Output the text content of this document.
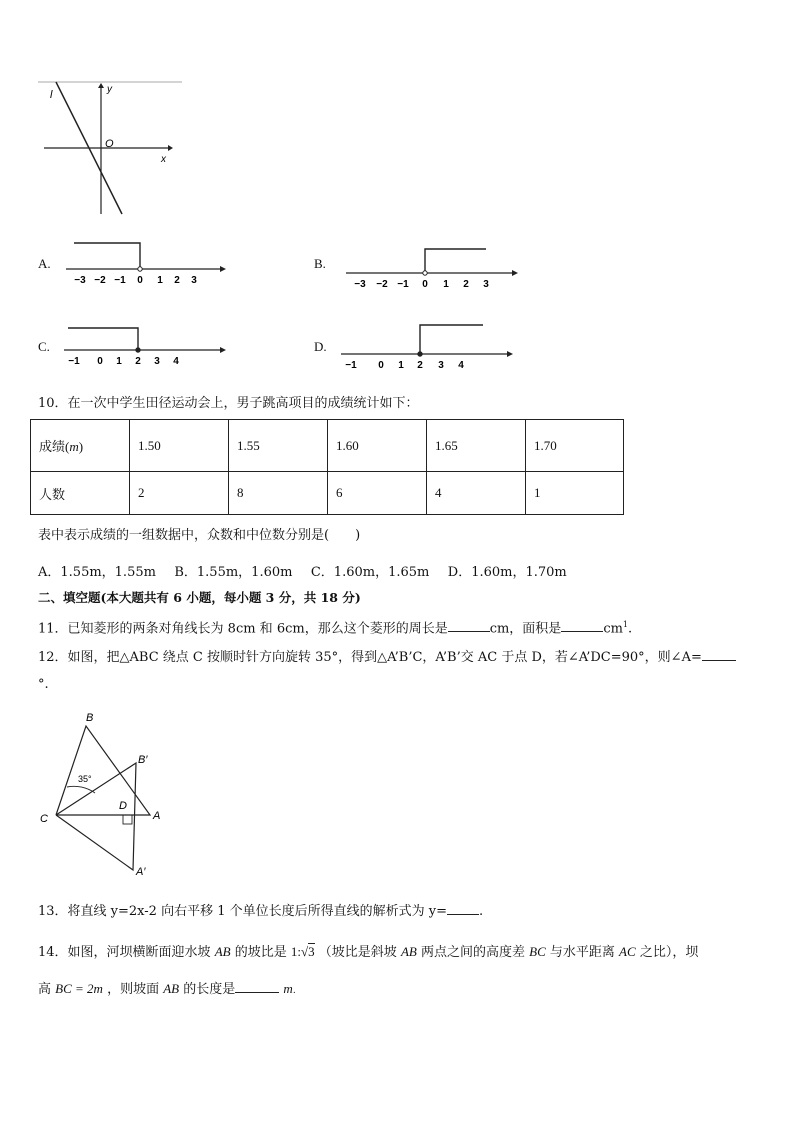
l	y
x
O
A.
−3 −2 −1 0 1 2 3
B.
−3 −2 −1 0 1 2 3
C.
−1 0 1 2 3 4
D.
−1 0 1 2 3 4
10．在一次中学生田径运动会上，男子跳高项目的成绩统计如下：
成绩(m)	1.50	1.55	1.60	1.65	1.70
人数	2	8	6	4	1
表中表示成绩的一组数据中，众数和中位数分别是(　　)
A．1.55m，1.55m B．1.55m，1.60m C．1.60m，1.65m D．1.60m，1.70m
二、填空题(本大题共有 6 小题，每小题 3 分，共 18 分)
11．已知菱形的两条对角线长为 8cm 和 6cm，那么这个菱形的周长是	cm，面积是	$cm^1$.
12．如图，把△ABC 绕点 C 按顺时针方向旋转 35°，得到△A’B’C，A’B’交 AC 于点 D，若∠A’DC=90°，则∠A=
°.
B
B′
C
D
A
A′
35°
13．将直线 y=2x-2 向右平移 1 个单位长度后所得直线的解析式为 y= .
14．如图，河坝横断面迎水坡 AB 的坡比是 1:√3 （坡比是斜坡 AB 两点之间的高度差 BC 与水平距离 AC 之比），坝
高 BC = 2m ，则坡面 AB 的长度是	m.
